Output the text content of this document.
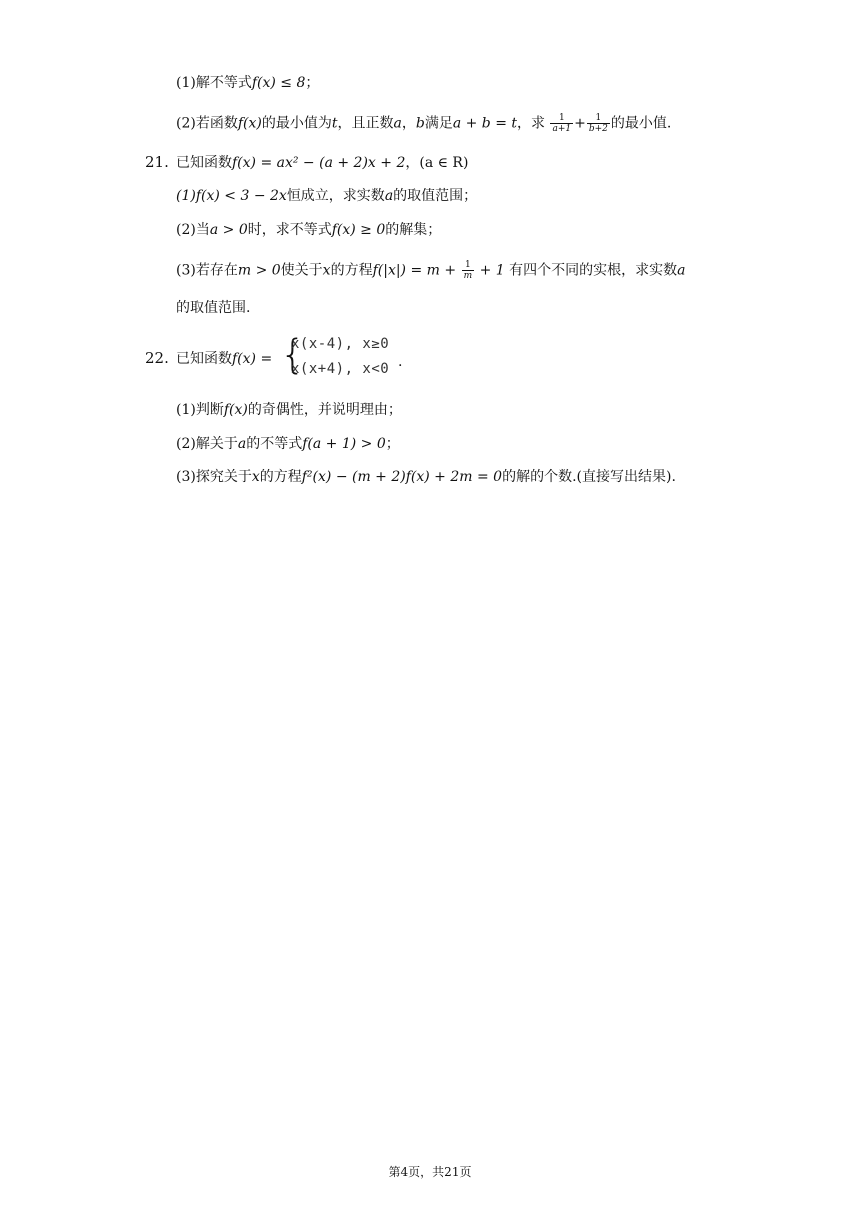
(1)解不等式f(x) ≤ 8；
(2)若函数f(x)的最小值为t，且正数a，b满足a + b = t，求 $\frac{1}{a+1} + \frac{1}{b+2}$ 的最小值.
21. 已知函数f(x) = ax² − (a + 2)x + 2，(a ∈ R)
(1)f(x) < 3 − 2x恒成立，求实数a的取值范围；
(2)当a > 0时，求不等式f(x) ≥ 0的解集；
(3)若存在m > 0使关于x的方程$f(|x|) = m + \frac{1}{m} + 1$ 有四个不同的实根，求实数a
的取值范围.
22. 已知函数f(x) = {
x(x-4), x≥0
x(x+4), x<0 .
(1)判断f(x)的奇偶性，并说明理由；
(2)解关于a的不等式f(a + 1) > 0；
(3)探究关于x的方程f²(x) − (m + 2)f(x) + 2m = 0的解的个数.(直接写出结果).
第4页，共21页
